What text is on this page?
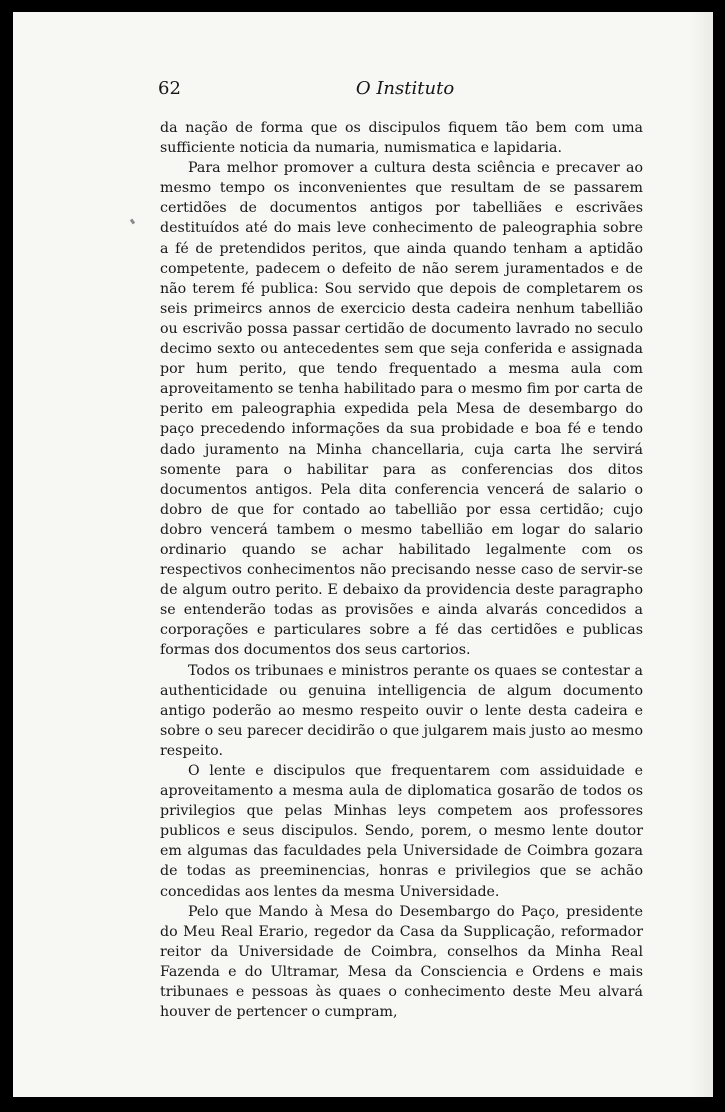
62	O Instituto

da nação de forma que os discipulos fiquem tão bem com uma sufficiente noticia da numaria, numismatica e lapidaria.

Para melhor promover a cultura desta sciência e precaver ao mesmo tempo os inconvenientes que resultam de se passarem certidões de documentos antigos por tabelliães e escrivães destituídos até do mais leve conhecimento de paleographia sobre a fé de pretendidos peritos, que ainda quando tenham a aptidão competente, padecem o defeito de não serem juramentados e de não terem fé publica: Sou servido que depois de completarem os seis primeircs annos de exercicio desta cadeira nenhum tabellião ou escrivão possa passar certidão de documento lavrado no seculo decimo sexto ou antecedentes sem que seja conferida e assignada por hum perito, que tendo frequentado a mesma aula com aproveitamento se tenha habilitado para o mesmo fim por carta de perito em paleographia expedida pela Mesa de desembargo do paço precedendo informações da sua probidade e boa fé e tendo dado juramento na Minha chancellaria, cuja carta lhe servirá somente para o habilitar para as conferencias dos ditos documentos antigos. Pela dita conferencia vencerá de salario o dobro de que for contado ao tabellião por essa certidão; cujo dobro vencerá tambem o mesmo tabellião em logar do salario ordinario quando se achar habilitado legalmente com os respectivos conhecimentos não precisando nesse caso de servir-se de algum outro perito. E debaixo da providencia deste paragrapho se entenderão todas as provisões e ainda alvarás concedidos a corporações e particulares sobre a fé das certidões e publicas formas dos documentos dos seus cartorios.

Todos os tribunaes e ministros perante os quaes se contestar a authenticidade ou genuina intelligencia de algum documento antigo poderão ao mesmo respeito ouvir o lente desta cadeira e sobre o seu parecer decidirão o que julgarem mais justo ao mesmo respeito.

O lente e discipulos que frequentarem com assiduidade e aproveitamento a mesma aula de diplomatica gosarão de todos os privilegios que pelas Minhas leys competem aos professores publicos e seus discipulos. Sendo, porem, o mesmo lente doutor em algumas das faculdades pela Universidade de Coimbra gozara de todas as preeminencias, honras e privilegios que se achão concedidas aos lentes da mesma Universidade.

Pelo que Mando à Mesa do Desembargo do Paço, presidente do Meu Real Erario, regedor da Casa da Supplicação, reformador reitor da Universidade de Coimbra, conselhos da Minha Real Fazenda e do Ultramar, Mesa da Consciencia e Ordens e mais tribunaes e pessoas às quaes o conhecimento deste Meu alvará houver de pertencer o cumpram,
